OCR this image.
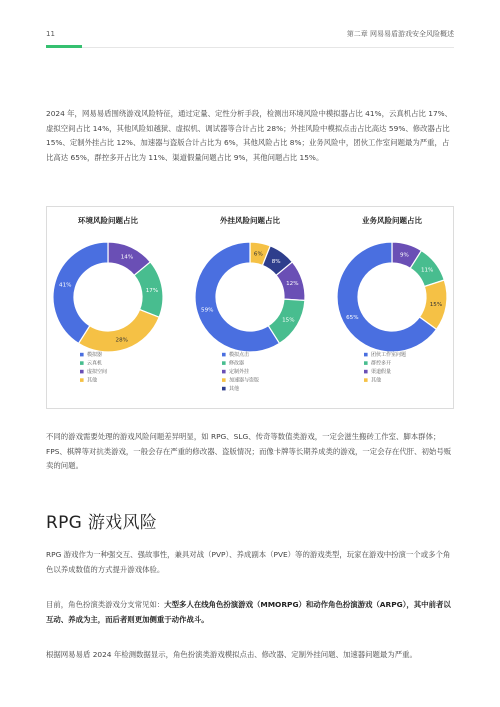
11	第二章 网易易盾游戏安全风险概述

2024 年，网易易盾围绕游戏风险特征，通过定量、定性分析手段，检测出环境风险中模拟器占比 41%，云真机占比 17%、虚拟空间占比 14%，其他风险如越狱、虚拟机、调试器等合计占比 28%；外挂风险中模拟点击占比高达 59%、修改器占比 15%、定制外挂占比 12%、加速器与盗版合计占比为 6%，其他风险占比 8%；业务风险中，团伙工作室问题最为严重，占比高达 65%，群控多开占比为 11%、渠道假量问题占比 9%，其他问题占比 15%。

环境风险问题占比
14%
17%
28%
41%
模拟器
云真机
虚拟空间
其他
外挂风险问题占比
6%
8%
12%
15%
59%
模拟点击
修改器
定制外挂
加速器与盗版
其他
业务风险问题占比
9%
11%
15%
65%
团伙工作室问题
群控多开
渠道假量
其他

不同的游戏需要处理的游戏风险问题差异明显，如 RPG、SLG、传奇等数值类游戏，一定会滋生搬砖工作室、脚本群体；FPS、棋牌等对抗类游戏，一般会存在严重的修改器、盗版情况；而像卡牌等长期养成类的游戏，一定会存在代肝、初始号贩卖的问题。

RPG 游戏风险

RPG 游戏作为一种强交互、强故事性，兼具对战（PVP）、养成副本（PVE）等的游戏类型，玩家在游戏中扮演一个或多个角色以养成数值的方式提升游戏体验。

目前，角色扮演类游戏分支常见如：大型多人在线角色扮演游戏（MMORPG）和动作角色扮演游戏（ARPG），其中前者以互动、养成为主，而后者则更加侧重于动作战斗。

根据网易易盾 2024 年检测数据显示，角色扮演类游戏模拟点击、修改器、定制外挂问题、加速器问题最为严重。
